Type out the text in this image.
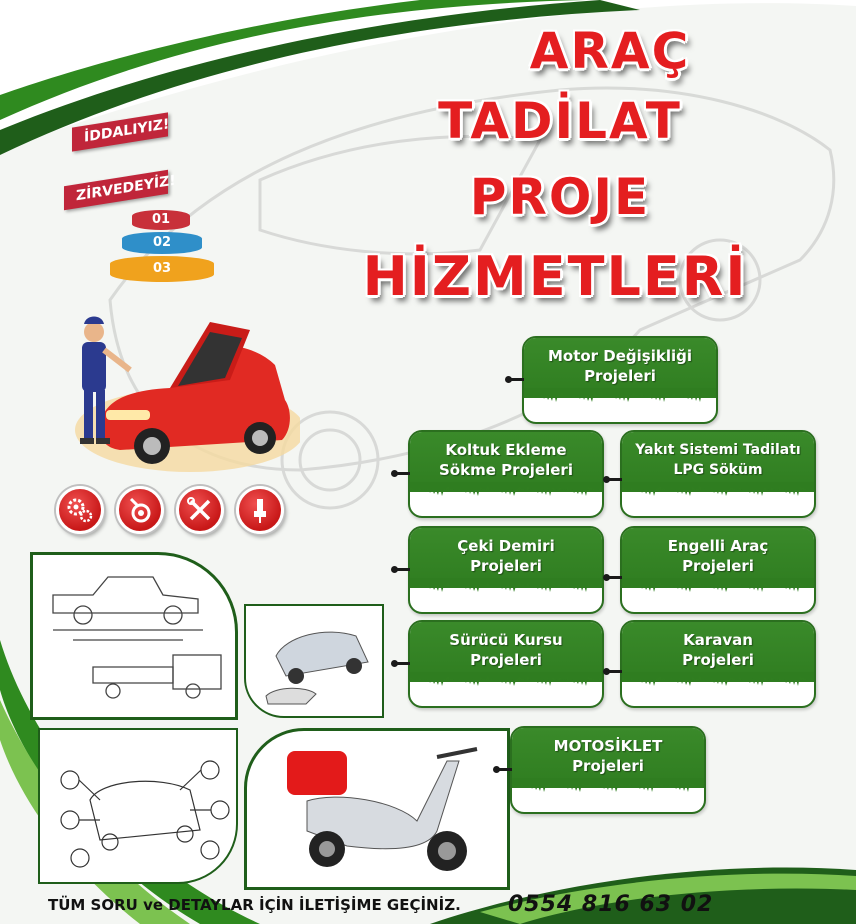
ARAÇ
TADİLAT
PROJE
HİZMETLERİ
İDDALIYIZ!
ZİRVEDEYİZ!
01
02
03
Motor Değişikliği
Projeleri
Koltuk Ekleme
Sökme Projeleri
Yakıt Sistemi Tadilatı
LPG Söküm
Çeki Demiri
Projeleri
Engelli Araç
Projeleri
Sürücü Kursu
Projeleri
Karavan
Projeleri
MOTOSİKLET
Projeleri
TÜM SORU ve DETAYLAR İÇİN İLETİŞİME GEÇİNİZ. 0554 816 63 02
